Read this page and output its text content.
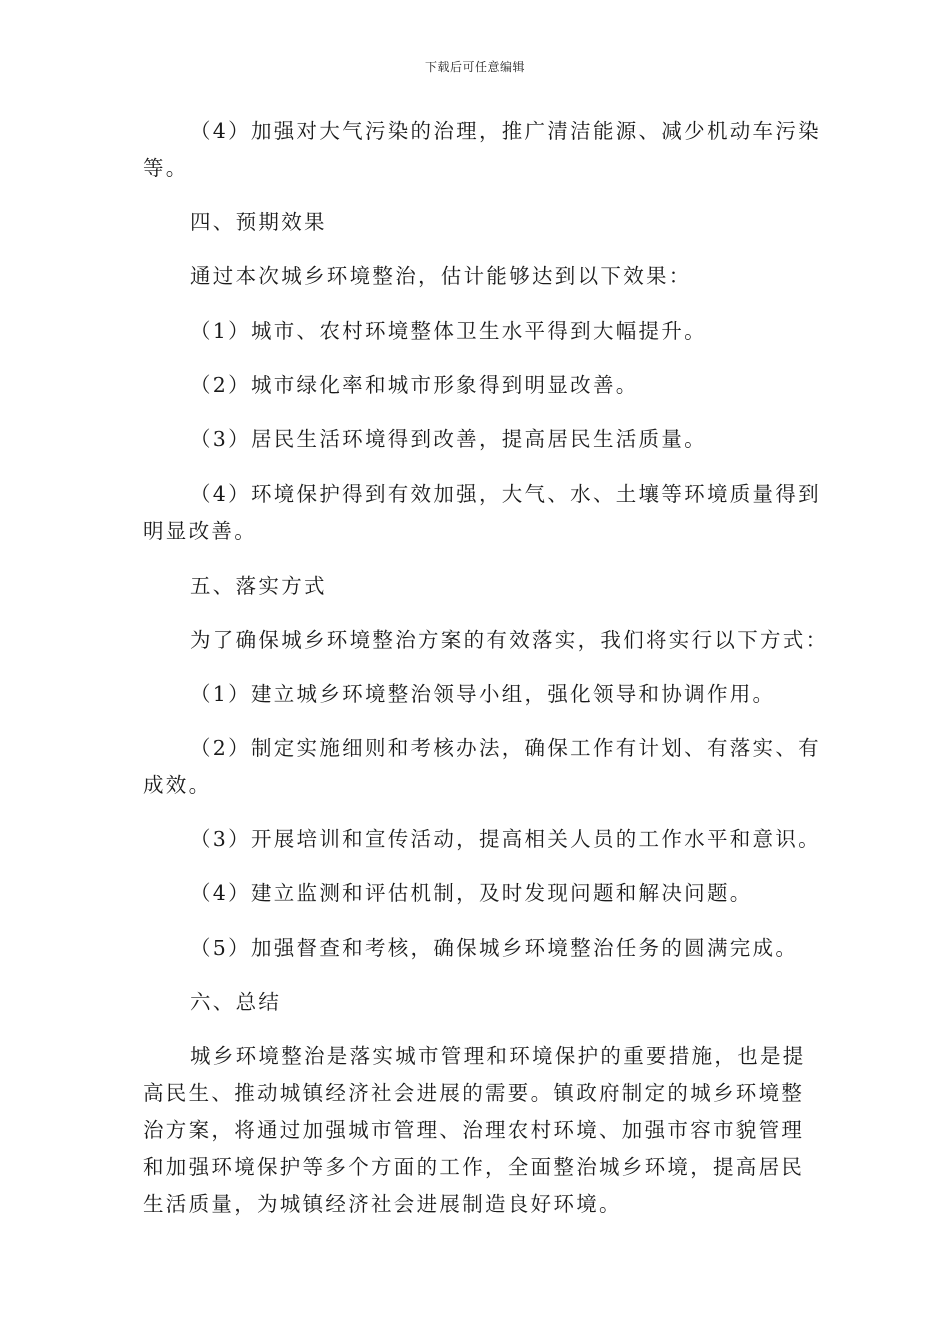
下载后可任意编辑
（4）加强对大气污染的治理，推广清洁能源、减少机动车污染
等。
四、预期效果
通过本次城乡环境整治，估计能够达到以下效果：
（1）城市、农村环境整体卫生水平得到大幅提升。
（2）城市绿化率和城市形象得到明显改善。
（3）居民生活环境得到改善，提高居民生活质量。
（4）环境保护得到有效加强，大气、水、土壤等环境质量得到
明显改善。
五、落实方式
为了确保城乡环境整治方案的有效落实，我们将实行以下方式：
（1）建立城乡环境整治领导小组，强化领导和协调作用。
（2）制定实施细则和考核办法，确保工作有计划、有落实、有
成效。
（3）开展培训和宣传活动，提高相关人员的工作水平和意识。
（4）建立监测和评估机制，及时发现问题和解决问题。
（5）加强督查和考核，确保城乡环境整治任务的圆满完成。
六、总结
城乡环境整治是落实城市管理和环境保护的重要措施，也是提
高民生、推动城镇经济社会进展的需要。镇政府制定的城乡环境整
治方案，将通过加强城市管理、治理农村环境、加强市容市貌管理
和加强环境保护等多个方面的工作，全面整治城乡环境，提高居民
生活质量，为城镇经济社会进展制造良好环境。
